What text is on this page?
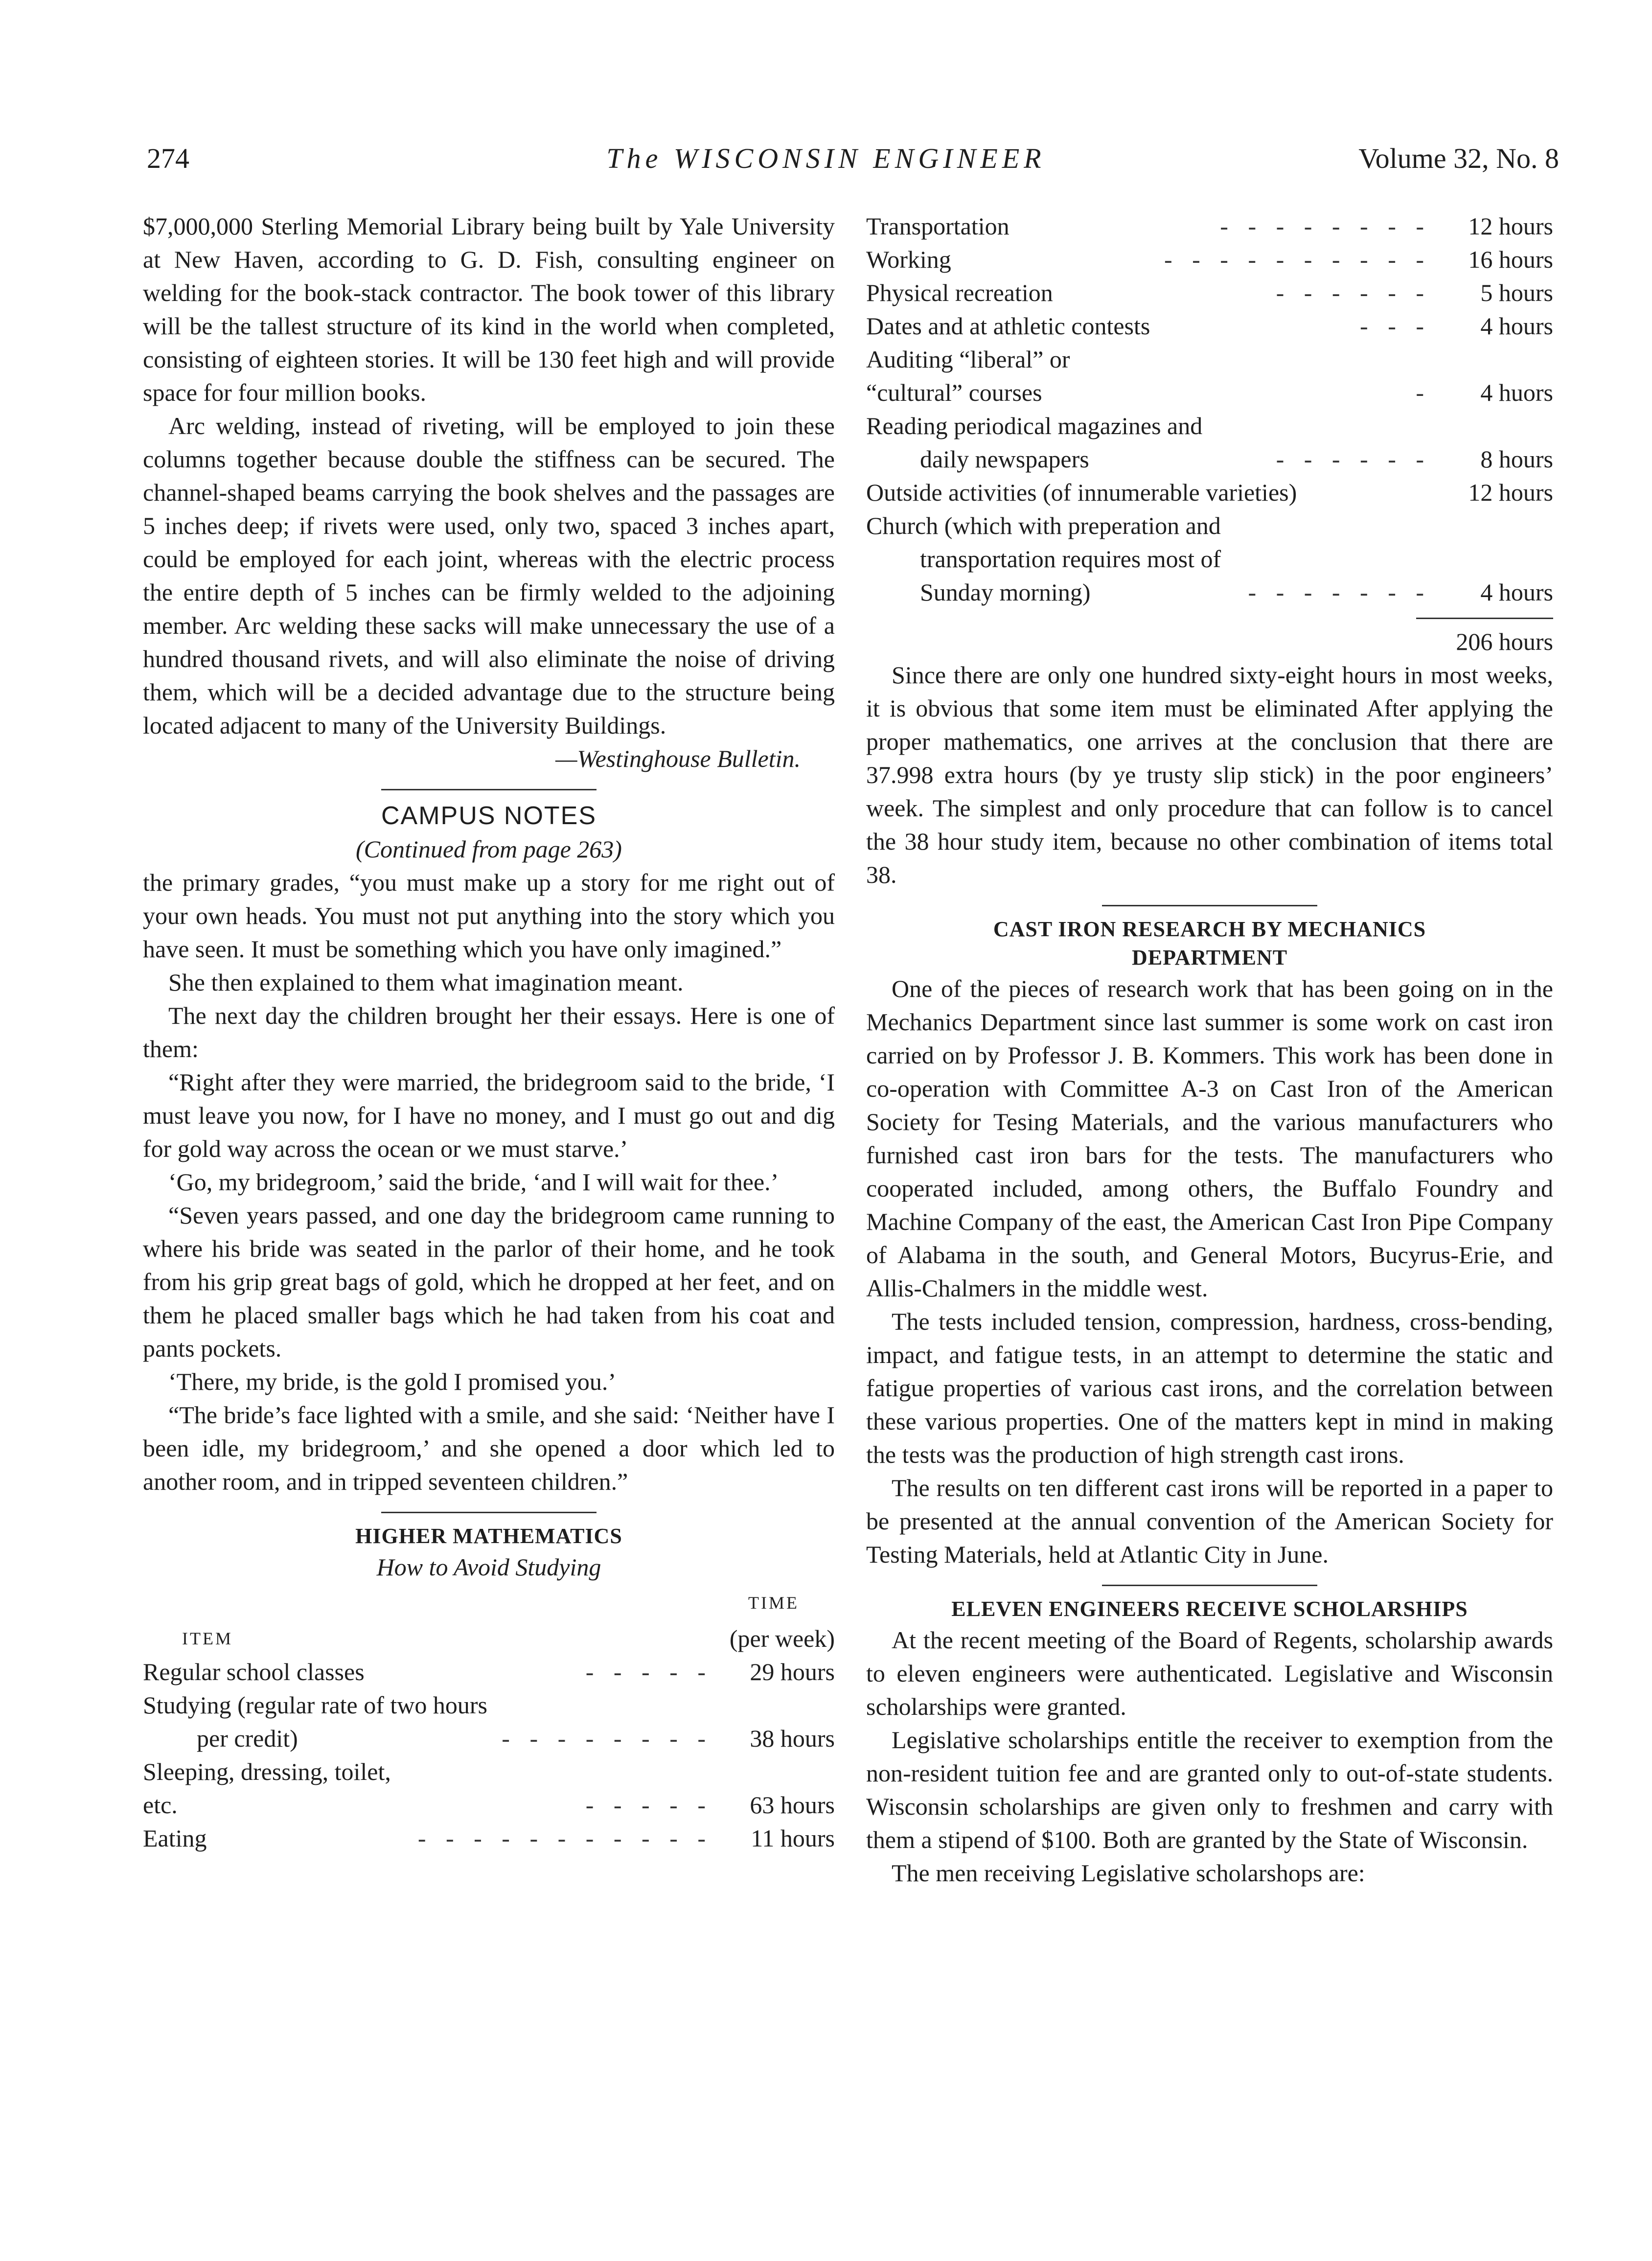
274	The WISCONSIN ENGINEER	Volume 32, No. 8

$7,000,000 Sterling Memorial Library being built by Yale University at New Haven, according to G. D. Fish, consulting engineer on welding for the book-stack contractor. The book tower of this library will be the tallest structure of its kind in the world when completed, consisting of eighteen stories. It will be 130 feet high and will provide space for four million books.

Arc welding, instead of riveting, will be employed to join these columns together because double the stiffness can be secured. The channel-shaped beams carrying the book shelves and the passages are 5 inches deep; if rivets were used, only two, spaced 3 inches apart, could be employed for each joint, whereas with the electric process the entire depth of 5 inches can be firmly welded to the adjoining member. Arc welding these sacks will make unnecessary the use of a hundred thousand rivets, and will also eliminate the noise of driving them, which will be a decided advantage due to the structure being located adjacent to many of the University Buildings.

—Westinghouse Bulletin.

CAMPUS NOTES

(Continued from page 263)

the primary grades, “you must make up a story for me right out of your own heads. You must not put anything into the story which you have seen. It must be something which you have only imagined.”

She then explained to them what imagination meant.

The next day the children brought her their essays. Here is one of them:

“Right after they were married, the bridegroom said to the bride, ‘I must leave you now, for I have no money, and I must go out and dig for gold way across the ocean or we must starve.’

‘Go, my bridegroom,’ said the bride, ‘and I will wait for thee.’

“Seven years passed, and one day the bridegroom came running to where his bride was seated in the parlor of their home, and he took from his grip great bags of gold, which he dropped at her feet, and on them he placed smaller bags which he had taken from his coat and pants pockets.

‘There, my bride, is the gold I promised you.’

“The bride’s face lighted with a smile, and she said: ‘Neither have I been idle, my bridegroom,’ and she opened a door which led to another room, and in tripped seventeen children.”

HIGHER MATHEMATICS

How to Avoid Studying

		TIME
ITEM		(per week)
Regular school classes	- - - - -	29 hours
Studying (regular rate of two hours		
per credit)	- - - - - - - -	38 hours
Sleeping, dressing, toilet, etc.	- - - - -	63 hours
Eating	- - - - - - - - - - -	11 hours
Transportation	- - - - - - - -	12 hours
Working	- - - - - - - - - -	16 hours
Physical recreation	- - - - - -	5 hours
Dates and at athletic contests	- - -	4 hours
Auditing “liberal” or “cultural” courses	-	4 huors
Reading periodical magazines and		
daily newspapers	- - - - - -	8 hours
Outside activities (of innumerable varieties)		12 hours
Church (which with preperation and		
transportation requires most of		
Sunday morning)	- - - - - - -	4 hours

206 hours

Since there are only one hundred sixty-eight hours in most weeks, it is obvious that some item must be eliminated After applying the proper mathematics, one arrives at the conclusion that there are 37.998 extra hours (by ye trusty slip stick) in the poor engineers’ week. The simplest and only procedure that can follow is to cancel the 38 hour study item, because no other combination of items total 38.

CAST IRON RESEARCH BY MECHANICS
DEPARTMENT

One of the pieces of research work that has been going on in the Mechanics Department since last summer is some work on cast iron carried on by Professor J. B. Kommers. This work has been done in co-operation with Committee A-3 on Cast Iron of the American Society for Tesing Materials, and the various manufacturers who furnished cast iron bars for the tests. The manufacturers who cooperated included, among others, the Buffalo Foundry and Machine Company of the east, the American Cast Iron Pipe Company of Alabama in the south, and General Motors, Bucyrus-Erie, and Allis-Chalmers in the middle west.

The tests included tension, compression, hardness, cross-bending, impact, and fatigue tests, in an attempt to determine the static and fatigue properties of various cast irons, and the correlation between these various properties. One of the matters kept in mind in making the tests was the production of high strength cast irons.

The results on ten different cast irons will be reported in a paper to be presented at the annual convention of the American Society for Testing Materials, held at Atlantic City in June.

ELEVEN ENGINEERS RECEIVE SCHOLARSHIPS

At the recent meeting of the Board of Regents, scholarship awards to eleven engineers were authenticated. Legislative and Wisconsin scholarships were granted.

Legislative scholarships entitle the receiver to exemption from the non-resident tuition fee and are granted only to out-of-state students. Wisconsin scholarships are given only to freshmen and carry with them a stipend of $100. Both are granted by the State of Wisconsin.

The men receiving Legislative scholarshops are:
